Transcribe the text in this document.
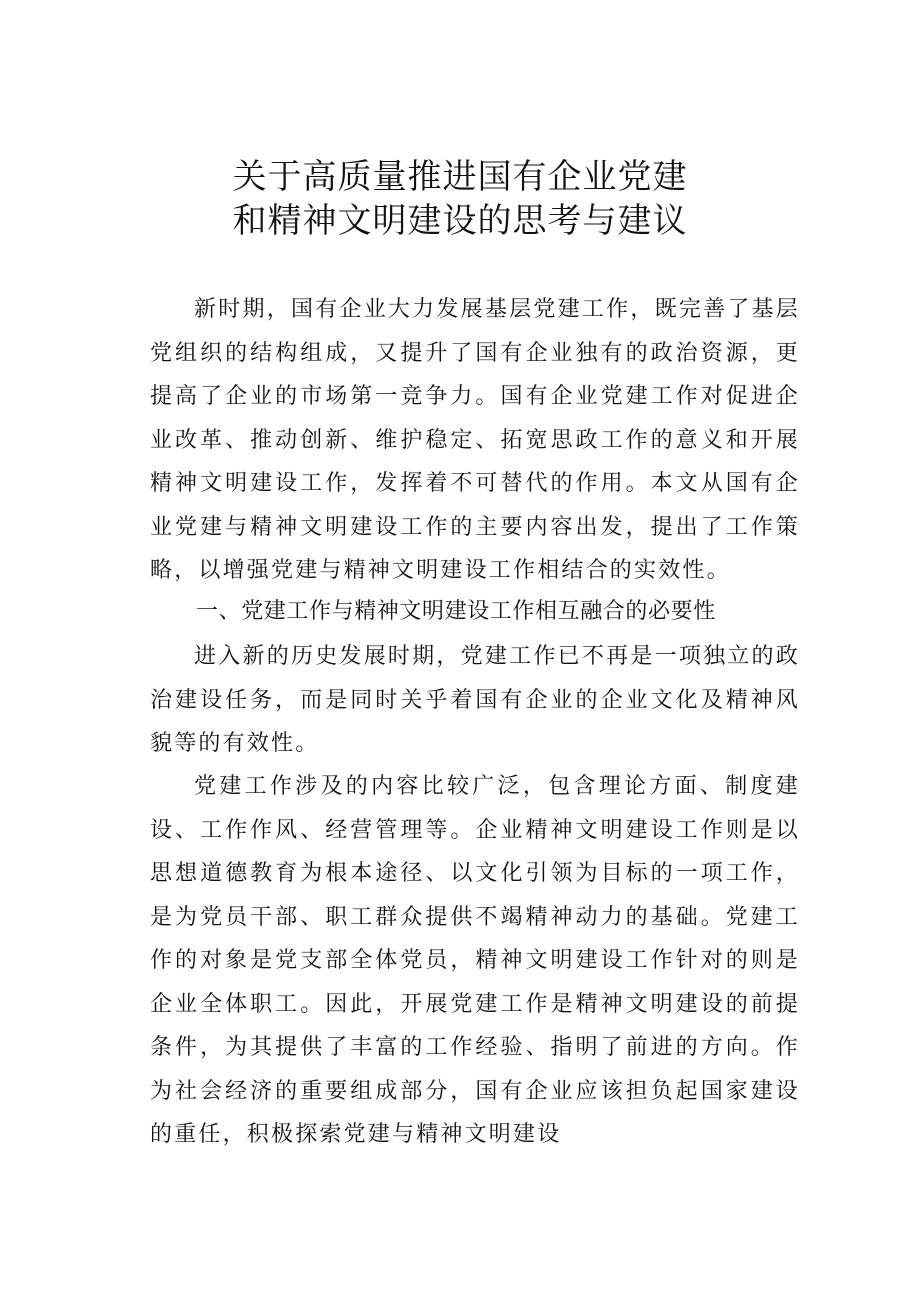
关于高质量推进国有企业党建
和精神文明建设的思考与建议

新时期，国有企业大力发展基层党建工作，既完善了基层党组织的结构组成，又提升了国有企业独有的政治资源，更提高了企业的市场第一竞争力。国有企业党建工作对促进企业改革、推动创新、维护稳定、拓宽思政工作的意义和开展精神文明建设工作，发挥着不可替代的作用。本文从国有企业党建与精神文明建设工作的主要内容出发，提出了工作策略，以增强党建与精神文明建设工作相结合的实效性。

一、党建工作与精神文明建设工作相互融合的必要性

进入新的历史发展时期，党建工作已不再是一项独立的政治建设任务，而是同时关乎着国有企业的企业文化及精神风貌等的有效性。

党建工作涉及的内容比较广泛，包含理论方面、制度建设、工作作风、经营管理等。企业精神文明建设工作则是以思想道德教育为根本途径、以文化引领为目标的一项工作，是为党员干部、职工群众提供不竭精神动力的基础。党建工作的对象是党支部全体党员，精神文明建设工作针对的则是企业全体职工。因此，开展党建工作是精神文明建设的前提条件，为其提供了丰富的工作经验、指明了前进的方向。作为社会经济的重要组成部分，国有企业应该担负起国家建设的重任，积极探索党建与精神文明建设
